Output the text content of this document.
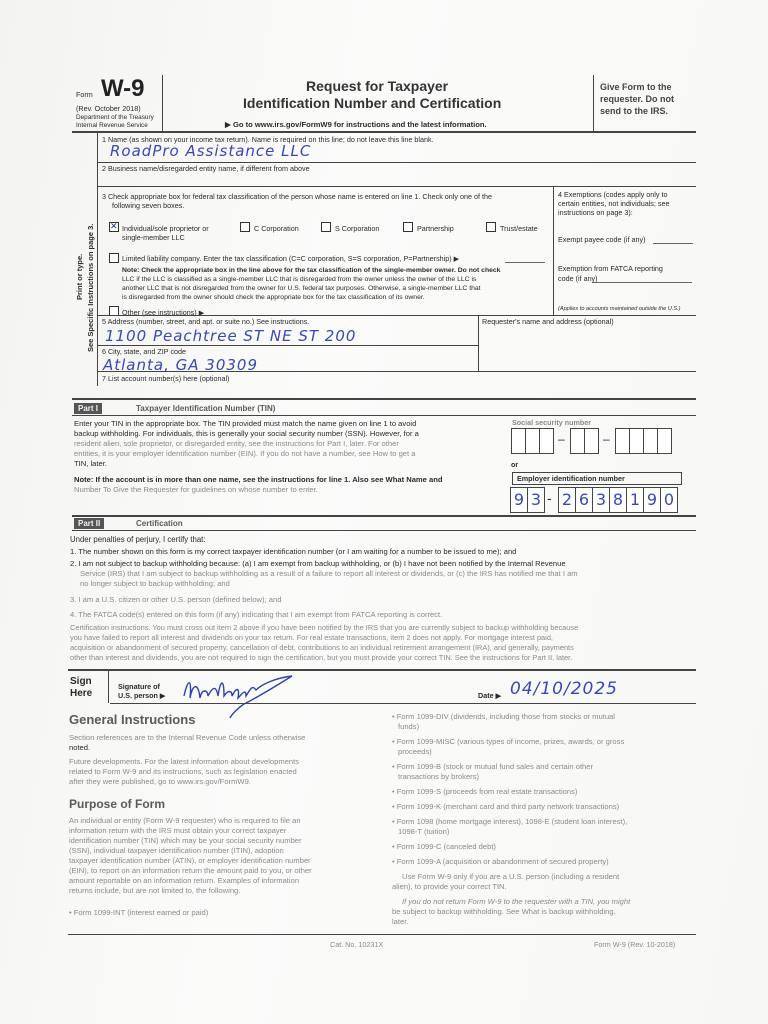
Form W-9
(Rev. October 2018)
Department of the Treasury
Internal Revenue Service
Request for Taxpayer
Identification Number and Certification
▶ Go to www.irs.gov/FormW9 for instructions and the latest information.
Give Form to the requester. Do not send to the IRS.
Print or type. See Specific Instructions on page 3.
1 Name (as shown on your income tax return). Name is required on this line; do not leave this line blank.
RoadPro Assistance LLC
2 Business name/disregarded entity name, if different from above
3 Check appropriate box for federal tax classification of the person whose name is entered on line 1. Check only one of the
following seven boxes.
✕
Individual/sole proprietor or
single-member LLC
C Corporation	S Corporation	Partnership	Trust/estate
Limited liability company. Enter the tax classification (C=C corporation, S=S corporation, P=Partnership) ▶
Note: Check the appropriate box in the line above for the tax classification of the single-member owner. Do not check
LLC if the LLC is classified as a single-member LLC that is disregarded from the owner unless the owner of the LLC is
another LLC that is not disregarded from the owner for U.S. federal tax purposes. Otherwise, a single-member LLC that
is disregarded from the owner should check the appropriate box for the tax classification of its owner.
Other (see instructions) ▶
4 Exemptions (codes apply only to
certain entities, not individuals; see
instructions on page 3):
Exempt payee code (if any)
Exemption from FATCA reporting
code (if any)
(Applies to accounts maintained outside the U.S.)
5 Address (number, street, and apt. or suite no.) See instructions.
1100 Peachtree ST NE ST 200
Requester's name and address (optional)
6 City, state, and ZIP code
Atlanta, GA 30309
7 List account number(s) here (optional)
Part I	Taxpayer Identification Number (TIN)
Enter your TIN in the appropriate box. The TIN provided must match the name given on line 1 to avoid
backup withholding. For individuals, this is generally your social security number (SSN). However, for a
resident alien, sole proprietor, or disregarded entity, see the instructions for Part I, later. For other
entities, it is your employer identification number (EIN). If you do not have a number, see How to get a
TIN, later.
Note: If the account is in more than one name, see the instructions for line 1. Also see What Name and
Number To Give the Requester for guidelines on whose number to enter.
Social security number
–	–
or
Employer identification number
9 3 - 2 6 3 8 1 9 0
Part II	Certification
Under penalties of perjury, I certify that:
1. The number shown on this form is my correct taxpayer identification number (or I am waiting for a number to be issued to me); and
2. I am not subject to backup withholding because: (a) I am exempt from backup withholding, or (b) I have not been notified by the Internal Revenue
Service (IRS) that I am subject to backup withholding as a result of a failure to report all interest or dividends, or (c) the IRS has notified me that I am
no longer subject to backup withholding; and
3. I am a U.S. citizen or other U.S. person (defined below); and
4. The FATCA code(s) entered on this form (if any) indicating that I am exempt from FATCA reporting is correct.
Certification instructions. You must cross out item 2 above if you have been notified by the IRS that you are currently subject to backup withholding because
you have failed to report all interest and dividends on your tax return. For real estate transactions, item 2 does not apply. For mortgage interest paid,
acquisition or abandonment of secured property, cancellation of debt, contributions to an individual retirement arrangement (IRA), and generally, payments
other than interest and dividends, you are not required to sign the certification, but you must provide your correct TIN. See the instructions for Part II, later.
Sign
Here
Signature of
U.S. person ▶	Date ▶ 04/10/2025
General Instructions
Section references are to the Internal Revenue Code unless otherwise
noted.
Future developments. For the latest information about developments
related to Form W-9 and its instructions, such as legislation enacted
after they were published, go to www.irs.gov/FormW9.
Purpose of Form
An individual or entity (Form W-9 requester) who is required to file an
information return with the IRS must obtain your correct taxpayer
identification number (TIN) which may be your social security number
(SSN), individual taxpayer identification number (ITIN), adoption
taxpayer identification number (ATIN), or employer identification number
(EIN), to report on an information return the amount paid to you, or other
amount reportable on an information return. Examples of information
returns include, but are not limited to, the following.
• Form 1099-INT (interest earned or paid)
• Form 1099-DIV (dividends, including those from stocks or mutual
funds)
• Form 1099-MISC (various types of income, prizes, awards, or gross
proceeds)
• Form 1099-B (stock or mutual fund sales and certain other
transactions by brokers)
• Form 1099-S (proceeds from real estate transactions)
• Form 1099-K (merchant card and third party network transactions)
• Form 1098 (home mortgage interest), 1098-E (student loan interest),
1098-T (tuition)
• Form 1099-C (canceled debt)
• Form 1099-A (acquisition or abandonment of secured property)
Use Form W-9 only if you are a U.S. person (including a resident
alien), to provide your correct TIN.
If you do not return Form W-9 to the requester with a TIN, you might
be subject to backup withholding. See What is backup withholding,
later.
Cat. No. 10231X	Form W-9 (Rev. 10-2018)
